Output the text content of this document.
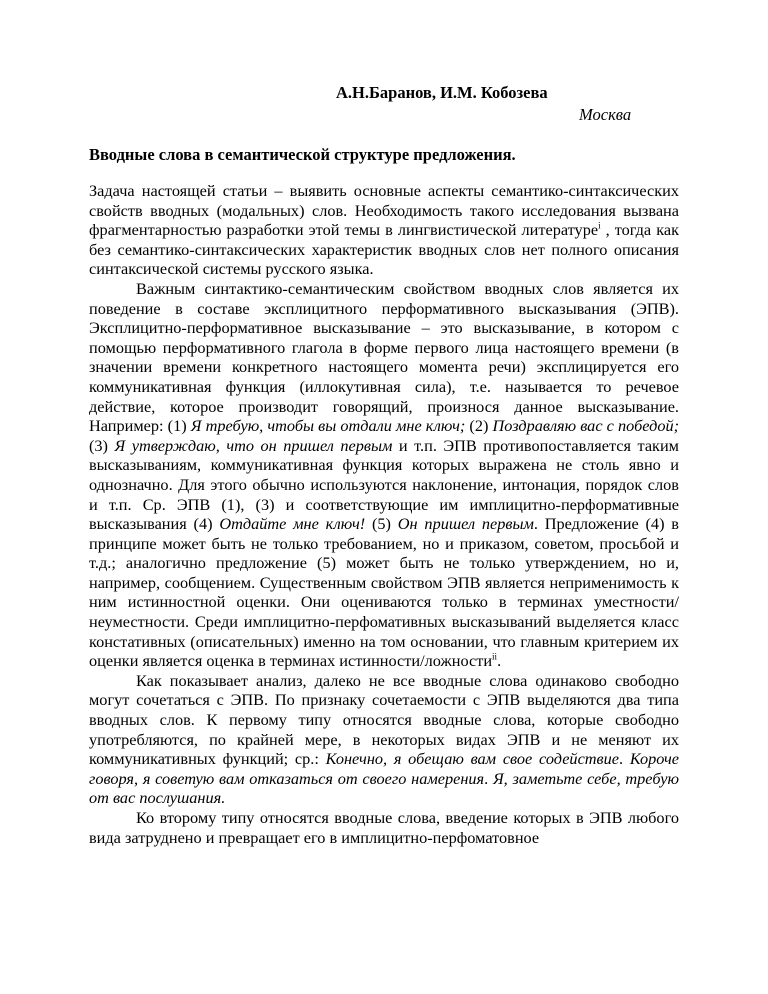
А.Н.Баранов, И.М. Кобозева
Москва
Вводные слова в семантической структуре предложения.

Задача настоящей статьи – выявить основные аспекты семантико-синтаксических свойств вводных (модальных) слов. Необходимость такого исследования вызвана фрагментарностью разработки этой темы в лингвистической литературе$^i$ , тогда как без семантико-синтаксических характеристик вводных слов нет полного описания синтаксической системы русского языка.

Важным синтактико-семантическим свойством вводных слов является их поведение в составе эксплицитного перформативного высказывания (ЭПВ). Эксплицитно-перформативное высказывание – это высказывание, в котором с помощью перформативного глагола в форме первого лица настоящего времени (в значении времени конкретного настоящего момента речи) эксплицируется его коммуникативная функция (иллокутивная сила), т.е. называется то речевое действие, которое производит говорящий, произнося данное высказывание. Например: (1) Я требую, чтобы вы отдали мне ключ; (2) Поздравляю вас с победой; (3) Я утверждаю, что он пришел первым и т.п. ЭПВ противопоставляется таким высказываниям, коммуникативная функция которых выражена не столь явно и однозначно. Для этого обычно используются наклонение, интонация, порядок слов и т.п. Ср. ЭПВ (1), (3) и соответствующие им имплицитно-перформативные высказывания (4) Отдайте мне ключ! (5) Он пришел первым. Предложение (4) в принципе может быть не только требованием, но и приказом, советом, просьбой и т.д.; аналогично предложение (5) может быть не только утверждением, но и, например, сообщением. Существенным свойством ЭПВ является неприменимость к ним истинностной оценки. Они оцениваются только в терминах уместности/неуместности. Среди имплицитно-перфомативных высказываний выделяется класс констативных (описательных) именно на том основании, что главным критерием их оценки является оценка в терминах истинности/ложности$^{ii}$.

Как показывает анализ, далеко не все вводные слова одинаково свободно могут сочетаться с ЭПВ. По признаку сочетаемости с ЭПВ выделяются два типа вводных слов. К первому типу относятся вводные слова, которые свободно употребляются, по крайней мере, в некоторых видах ЭПВ и не меняют их коммуникативных функций; ср.: Конечно, я обещаю вам свое содействие. Короче говоря, я советую вам отказаться от своего намерения. Я, заметьте себе, требую от вас послушания.

Ко второму типу относятся вводные слова, введение которых в ЭПВ любого вида затруднено и превращает его в имплицитно-перфоматовное
